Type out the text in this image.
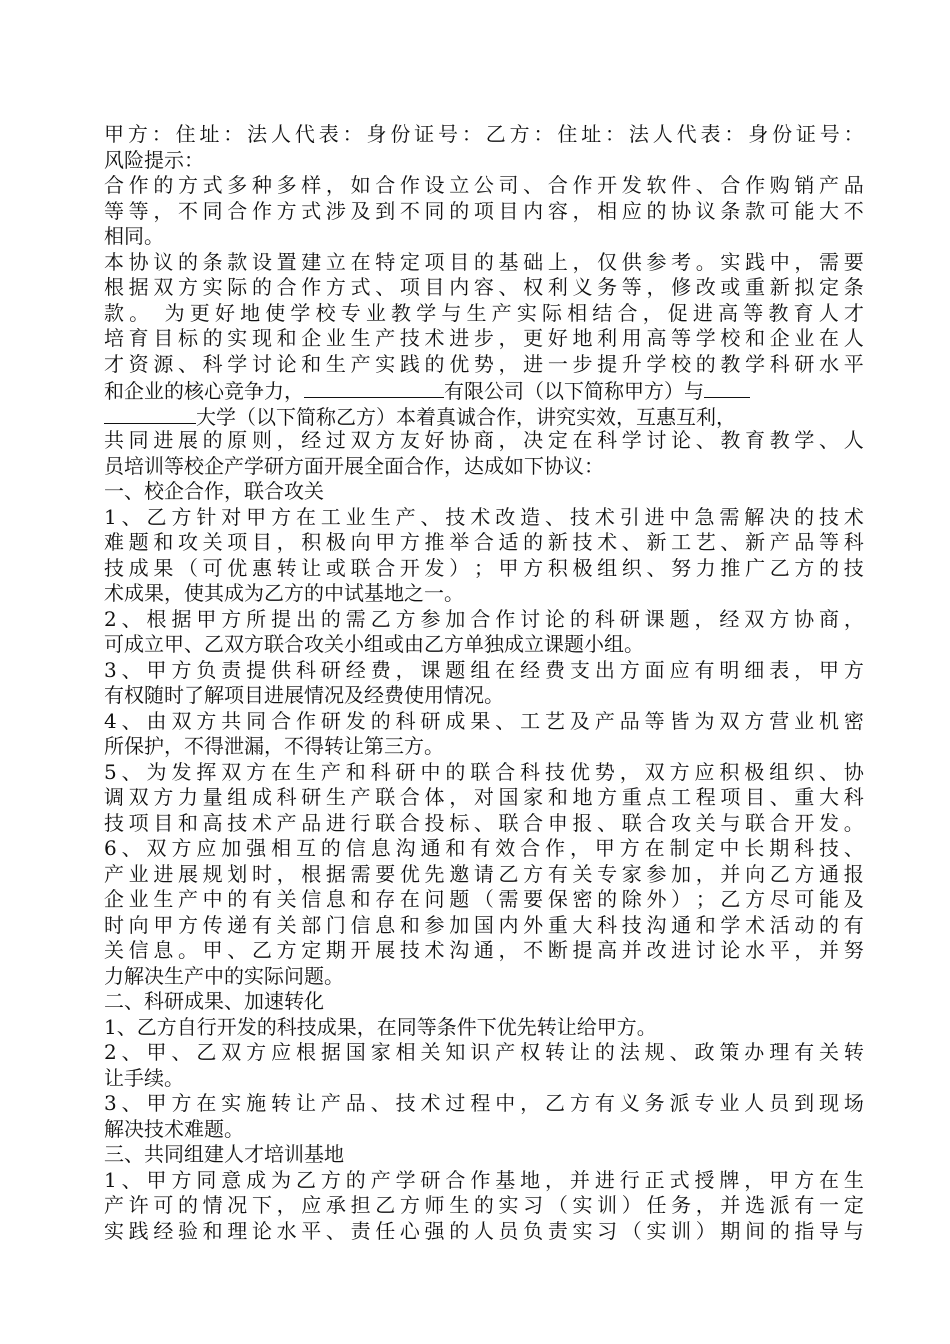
甲 方 ： 住 址 ： 法 人 代 表 ： 身 份 证 号 ： 乙 方 ： 住 址 ： 法 人 代 表 ： 身 份 证 号 ：
风险提示：
合 作 的 方 式 多 种 多 样 ， 如 合 作 设 立 公 司 、 合 作 开 发 软 件 、 合 作 购 销 产 品
等 等 ， 不 同 合 作 方 式 涉 及 到 不 同 的 项 目 内 容 ， 相 应 的 协 议 条 款 可 能 大 不
相同。
本 协 议 的 条 款 设 置 建 立 在 特 定 项 目 的 基 础 上 ， 仅 供 参 考 。 实 践 中 ， 需 要
根 据 双 方 实 际 的 合 作 方 式 、 项 目 内 容 、 权 利 义 务 等 ， 修 改 或 重 新 拟 定 条
款 。 为 更 好 地 使 学 校 专 业 教 学 与 生 产 实 际 相 结 合 ， 促 进 高 等 教 育 人 才
培 育 目 标 的 实 现 和 企 业 生 产 技 术 进 步 ， 更 好 地 利 用 高 等 学 校 和 企 业 在 人
才 资 源 、 科 学 讨 论 和 生 产 实 践 的 优 势 ， 进 一 步 提 升 学 校 的 教 学 科 研 水 平
和企业的核心竞争力，	有限公司（以下简称甲方）与
大学（以下简称乙方）本着真诚合作，讲究实效，互惠互利，
共 同 进 展 的 原 则 ， 经 过 双 方 友 好 协 商 ， 决 定 在 科 学 讨 论 、 教 育 教 学 、 人
员培训等校企产学研方面开展全面合作，达成如下协议：
一、校企合作，联合攻关
1 、 乙 方 针 对 甲 方 在 工 业 生 产 、 技 术 改 造 、 技 术 引 进 中 急 需 解 决 的 技 术
难 题 和 攻 关 项 目 ， 积 极 向 甲 方 推 举 合 适 的 新 技 术 、 新 工 艺 、 新 产 品 等 科
技 成 果 （ 可 优 惠 转 让 或 联 合 开 发 ） ； 甲 方 积 极 组 织 、 努 力 推 广 乙 方 的 技
术成果，使其成为乙方的中试基地之一。
2 、 根 据 甲 方 所 提 出 的 需 乙 方 参 加 合 作 讨 论 的 科 研 课 题 ， 经 双 方 协 商 ，
可成立甲、乙双方联合攻关小组或由乙方单独成立课题小组。
3 、 甲 方 负 责 提 供 科 研 经 费 ， 课 题 组 在 经 费 支 出 方 面 应 有 明 细 表 ， 甲 方
有权随时了解项目进展情况及经费使用情况。
4 、 由 双 方 共 同 合 作 研 发 的 科 研 成 果 、 工 艺 及 产 品 等 皆 为 双 方 营 业 机 密
所保护，不得泄漏，不得转让第三方。
5 、 为 发 挥 双 方 在 生 产 和 科 研 中 的 联 合 科 技 优 势 ， 双 方 应 积 极 组 织 、 协
调 双 方 力 量 组 成 科 研 生 产 联 合 体 ， 对 国 家 和 地 方 重 点 工 程 项 目 、 重 大 科
技 项 目 和 高 技 术 产 品 进 行 联 合 投 标 、 联 合 申 报 、 联 合 攻 关 与 联 合 开 发 。
6 、 双 方 应 加 强 相 互 的 信 息 沟 通 和 有 效 合 作 ， 甲 方 在 制 定 中 长 期 科 技 、
产 业 进 展 规 划 时 ， 根 据 需 要 优 先 邀 请 乙 方 有 关 专 家 参 加 ， 并 向 乙 方 通 报
企 业 生 产 中 的 有 关 信 息 和 存 在 问 题 （ 需 要 保 密 的 除 外 ） ； 乙 方 尽 可 能 及
时 向 甲 方 传 递 有 关 部 门 信 息 和 参 加 国 内 外 重 大 科 技 沟 通 和 学 术 活 动 的 有
关 信 息 。 甲 、 乙 方 定 期 开 展 技 术 沟 通 ， 不 断 提 高 并 改 进 讨 论 水 平 ， 并 努
力解决生产中的实际问题。
二、科研成果、加速转化
1、乙方自行开发的科技成果，在同等条件下优先转让给甲方。
2 、 甲 、 乙 双 方 应 根 据 国 家 相 关 知 识 产 权 转 让 的 法 规 、 政 策 办 理 有 关 转
让手续。
3 、 甲 方 在 实 施 转 让 产 品 、 技 术 过 程 中 ， 乙 方 有 义 务 派 专 业 人 员 到 现 场
解决技术难题。
三、共同组建人才培训基地
1 、 甲 方 同 意 成 为 乙 方 的 产 学 研 合 作 基 地 ， 并 进 行 正 式 授 牌 ， 甲 方 在 生
产 许 可 的 情 况 下 ， 应 承 担 乙 方 师 生 的 实 习 （ 实 训 ） 任 务 ， 并 选 派 有 一 定
实 践 经 验 和 理 论 水 平 、 责 任 心 强 的 人 员 负 责 实 习 （ 实 训 ） 期 间 的 指 导 与
